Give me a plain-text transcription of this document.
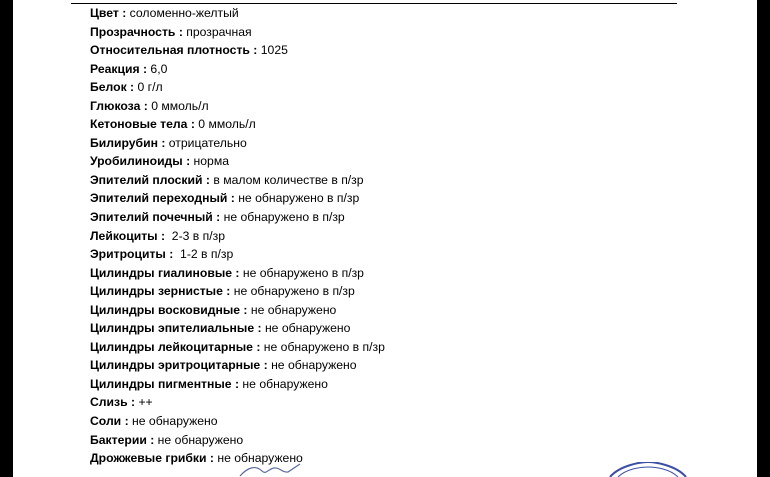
Цвет : соломенно-желтый
Прозрачность : прозрачная
Относительная плотность : 1025
Реакция : 6,0
Белок : 0 г/л
Глюкоза : 0 ммоль/л
Кетоновые тела : 0 ммоль/л
Билирубин : отрицательно
Уробилиноиды : норма
Эпителий плоский : в малом количестве в п/зр
Эпителий переходный : не обнаружено в п/зр
Эпителий почечный : не обнаружено в п/зр
Лейкоциты :  2-3 в п/зр
Эритроциты :  1-2 в п/зр
Цилиндры гиалиновые : не обнаружено в п/зр
Цилиндры зернистые : не обнаружено в п/зр
Цилиндры восковидные : не обнаружено
Цилиндры эпителиальные : не обнаружено
Цилиндры лейкоцитарные : не обнаружено в п/зр
Цилиндры эритроцитарные : не обнаружено
Цилиндры пигментные : не обнаружено
Слизь : ++
Соли : не обнаружено
Бактерии : не обнаружено
Дрожжевые грибки : не обнаружено
